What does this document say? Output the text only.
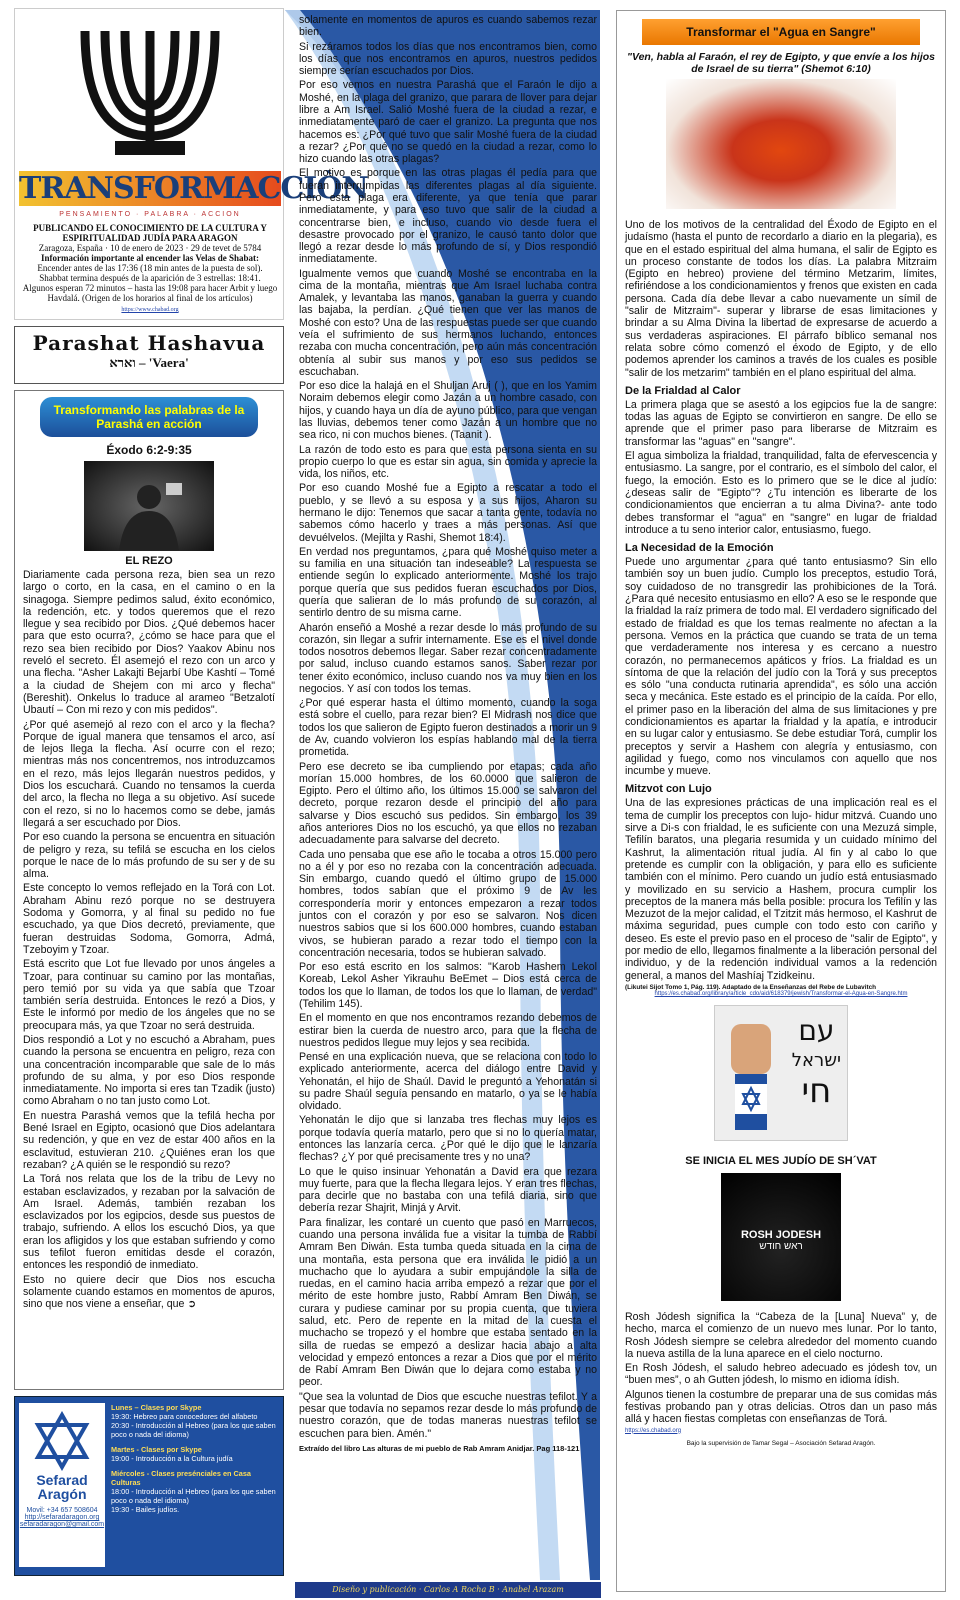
TRANSFORMACCIÒN
PENSAMIENTO · PALABRA · ACCION
PUBLICANDO EL CONOCIMIENTO DE LA CULTURA Y ESPIRITUALIDAD JUDÍA PARA ARAGON
Zaragoza, España · 10 de enero de 2023 · 29 de tevet de 5784

Información importante al encender las Velas de Shabat:
Encender antes de las 17:36 (18 min antes de la puesta de sol).
Shabbat termina después de la aparición de 3 estrellas: 18:41.
Algunos esperan 72 minutos – hasta las 19:08 para hacer Arbit y luego Havdalá. (Origen de los horarios al final de los artículos)
https://www.chabad.org
Parashat Hashavua
וארא – 'Vaera'
Transformando las palabras de la Parashá en acción
Éxodo 6:2-9:35
EL REZO

Diariamente cada persona reza, bien sea un rezo largo o corto, en la casa, en el camino o en la sinagoga. Siempre pedimos salud, éxito económico, la redención, etc. y todos queremos que el rezo llegue y sea recibido por Dios. ¿Qué debemos hacer para que esto ocurra?, ¿cómo se hace para que el rezo sea bien recibido por Dios? Yaakov Abinu nos reveló el secreto. Él asemejó el rezo con un arco y una flecha. "Asher Lakajti Bejarbí Ube Kashtí – Tomé a la ciudad de Shejem con mi arco y flecha" (Bereshit). Onkelus lo traduce al arameo "Betzalotí Ubautí – Con mi rezo y con mis pedidos".

¿Por qué asemejó al rezo con el arco y la flecha? Porque de igual manera que tensamos el arco, así de lejos llega la flecha. Así ocurre con el rezo; mientras más nos concentremos, nos introduzcamos en el rezo, más lejos llegarán nuestros pedidos, y Dios los escuchará. Cuando no tensamos la cuerda del arco, la flecha no llega a su objetivo. Así sucede con el rezo, si no lo hacemos como se debe, jamás llegará a ser escuchado por Dios.

Por eso cuando la persona se encuentra en situación de peligro y reza, su tefilá se escucha en los cielos porque le nace de lo más profundo de su ser y de su alma.

Este concepto lo vemos reflejado en la Torá con Lot. Abraham Abinu rezó porque no se destruyera Sodoma y Gomorra, y al final su pedido no fue escuchado, ya que Dios decretó, previamente, que fueran destruidas Sodoma, Gomorra, Admá, Tzeboyim y Tzoar.

Está escrito que Lot fue llevado por unos ángeles a Tzoar, para continuar su camino por las montañas, pero temió por su vida ya que sabía que Tzoar también sería destruida. Entonces le rezó a Dios, y Este le informó por medio de los ángeles que no se preocupara más, ya que Tzoar no será destruida.

Dios respondió a Lot y no escuchó a Abraham, pues cuando la persona se encuentra en peligro, reza con una concentración incomparable que sale de lo más profundo de su alma, y por eso Dios responde inmediatamente. No importa si eres tan Tzadik (justo) como Abraham o no tan justo como Lot.

En nuestra Parashá vemos que la tefilá hecha por Bené Israel en Egipto, ocasionó que Dios adelantara su redención, y que en vez de estar 400 años en la esclavitud, estuvieran 210. ¿Quiénes eran los que rezaban? ¿A quién se le respondió su rezo?

La Torá nos relata que los de la tribu de Levy no estaban esclavizados, y rezaban por la salvación de Am Israel. Además, también rezaban los esclavizados por los egipcios, desde sus puestos de trabajo, sufriendo. A ellos los escuchó Dios, ya que eran los afligidos y los que estaban sufriendo y como sus tefilot fueron emitidas desde el corazón, entonces les respondió de inmediato.

Esto no quiere decir que Dios nos escucha solamente cuando estamos en momentos de apuros, sino que nos viene a enseñar, que ➲

Sefarad Aragón
Movil: +34 657 508604
http://sefaradaragon.org
sefaradaragon@gmail.com
Lunes – Clases por Skype
19:30: Hebreo para conocedores del alfabeto
20:30 - Introducción al Hebreo (para los que saben poco o nada del idioma)
Martes - Clases por Skype
19:00 - Introducción a la Cultura judía
Miércoles - Clases presénciales en Casa Culturas
18:00 - Introducción al Hebreo (para los que saben poco o nada del idioma)
19:30 - Bailes judíos.

solamente en momentos de apuros es cuando sabemos rezar bien.

Si rezáramos todos los días que nos encontramos bien, como los días que nos encontramos en apuros, nuestros pedidos siempre serían escuchados por Dios.

Por eso vemos en nuestra Parashá que el Faraón le dijo a Moshé, en la plaga del granizo, que parara de llover para dejar libre a Am Israel. Salió Moshé fuera de la ciudad a rezar, e inmediatamente paró de caer el granizo. La pregunta que nos hacemos es: ¿Por qué tuvo que salir Moshé fuera de la ciudad a rezar? ¿Por qué no se quedó en la ciudad a rezar, como lo hizo cuando las otras plagas?

El motivo es porque en las otras plagas él pedía para que fueran interrumpidas las diferentes plagas al día siguiente. Pero esta plaga era diferente, ya que tenía que parar inmediatamente, y para eso tuvo que salir de la ciudad a concentrarse bien, e incluso, cuando vio desde fuera el desastre provocado por el granizo, le causó tanto dolor que llegó a rezar desde lo más profundo de sí, y Dios respondió inmediatamente.

Igualmente vemos que cuando Moshé se encontraba en la cima de la montaña, mientras que Am Israel luchaba contra Amalek, y levantaba las manos, ganaban la guerra y cuando las bajaba, la perdían. ¿Qué tienen que ver las manos de Moshé con esto? Una de las respuestas puede ser que cuando veía el sufrimiento de sus hermanos luchando, entonces rezaba con mucha concentración, pero aún más concentración obtenía al subir sus manos y por eso sus pedidos se escuchaban.

Por eso dice la halajá en el Shuljan Aruj ( ), que en los Yamim Noraim debemos elegir como Jazán a un hombre casado, con hijos, y cuando haya un día de ayuno público, para que vengan las lluvias, debemos tener como Jazán a un hombre que no sea rico, ni con muchos bienes. (Taanit ).

La razón de todo esto es para que esta persona sienta en su propio cuerpo lo que es estar sin agua, sin comida y aprecie la vida, los niños, etc.

Por eso cuando Moshé fue a Egipto a rescatar a todo el pueblo, y se llevó a su esposa y a sus hijos, Aharon su hermano le dijo: Tenemos que sacar a tanta gente, todavía no sabemos cómo hacerlo y traes a más personas. Así que devuélvelos. (Mejilta y Rashi, Shemot 18:4).

En verdad nos preguntamos, ¿para qué Moshé quiso meter a su familia en una situación tan indeseable? La respuesta se entiende según lo explicado anteriormente. Moshé los trajo porque quería que sus pedidos fueran escuchados por Dios, quería que salieran de lo más profundo de su corazón, al sentirlo dentro de su misma carne.

Aharón enseñó a Moshé a rezar desde lo más profundo de su corazón, sin llegar a sufrir internamente. Ese es el nivel donde todos nosotros debemos llegar. Saber rezar concentradamente por salud, incluso cuando estamos sanos. Saber rezar por tener éxito económico, incluso cuando nos va muy bien en los negocios. Y así con todos los temas.

¿Por qué esperar hasta el último momento, cuando la soga está sobre el cuello, para rezar bien? El Midrash nos dice que todos los que salieron de Egipto fueron destinados a morir un 9 de Av, cuando volvieron los espías hablando mal de la tierra prometida.

Pero ese decreto se iba cumpliendo por etapas; cada año morían 15.000 hombres, de los 60.0000 que salieron de Egipto. Pero el último año, los últimos 15.000 se salvaron del decreto, porque rezaron desde el principio del año para salvarse y Dios escuchó sus pedidos. Sin embargo, los 39 años anteriores Dios no los escuchó, ya que ellos no rezaban adecuadamente para salvarse del decreto.

Cada uno pensaba que ese año le tocaba a otros 15.000 pero no a él y por eso no rezaba con la concentración adecuada. Sin embargo, cuando quedó el último grupo de 15.000 hombres, todos sabían que el próximo 9 de Av les correspondería morir y entonces empezaron a rezar todos juntos con el corazón y por eso se salvaron. Nos dicen nuestros sabios que si los 600.000 hombres, cuando estaban vivos, se hubieran parado a rezar todo el tiempo con la concentración necesaria, todos se hubieran salvado.

Por eso está escrito en los salmos: "Karob Hashem Lekol Koreab, Lekol Asher Yikrauhu BeEmet – Dios está cerca de todos los que lo llaman, de todos los que lo llaman, de verdad" (Tehilim 145).

En el momento en que nos encontramos rezando debemos de estirar bien la cuerda de nuestro arco, para que la flecha de nuestros pedidos llegue muy lejos y sea recibida.

Pensé en una explicación nueva, que se relaciona con todo lo explicado anteriormente, acerca del diálogo entre David y Yehonatán, el hijo de Shaúl. David le preguntó a Yehonatán si su padre Shaúl seguía pensando en matarlo, o ya se le había olvidado.

Yehonatán le dijo que si lanzaba tres flechas muy lejos es porque todavía quería matarlo, pero que si no lo quería matar, entonces las lanzaría cerca. ¿Por qué le dijo que le lanzaría flechas? ¿Y por qué precisamente tres y no una?

Lo que le quiso insinuar Yehonatán a David era que rezara muy fuerte, para que la flecha llegara lejos. Y eran tres flechas, para decirle que no bastaba con una tefilá diaria, sino que debería rezar Shajrit, Minjá y Arvit.

Para finalizar, les contaré un cuento que pasó en Marruecos, cuando una persona inválida fue a visitar la tumba de Rabbí Amram Ben Diwán. Esta tumba queda situada en la cima de una montaña, esta persona que era inválida le pidió a un muchacho que lo ayudara a subir empujándole la silla de ruedas, en el camino hacia arriba empezó a rezar que por el mérito de este hombre justo, Rabbí Amram Ben Diwán, se curara y pudiese caminar por su propia cuenta, que tuviera salud, etc. Pero de repente en la mitad de la cuesta el muchacho se tropezó y el hombre que estaba sentado en la silla de ruedas se empezó a deslizar hacia abajo a alta velocidad y empezó entonces a rezar a Dios que por el mérito de Rabí Amram Ben Diwán que lo dejara como estaba y no peor.

"Que sea la voluntad de Dios que escuche nuestras tefilot. Y a pesar que todavía no sepamos rezar desde lo más profundo de nuestro corazón, que de todas maneras nuestras tefilot se escuchen para bien. Amén."

Extraído del libro Las alturas de mi pueblo de Rab Amram Anidjar. Pag 118-121
Diseño y publicación · Carlos A Rocha B · Anabel Arazam
Transformar el "Agua en Sangre"
"Ven, habla al Faraón, el rey de Egipto, y que envíe a los hijos de Israel de su tierra" (Shemot 6:10)

Uno de los motivos de la centralidad del Éxodo de Egipto en el judaísmo (hasta el punto de recordarlo a diario en la plegaria), es que en el estado espiritual del alma humana, el salir de Egipto es un proceso constante de todos los días. La palabra Mitzraim (Egipto en hebreo) proviene del término Metzarim, límites, refiriéndose a los condicionamientos y frenos que existen en cada persona. Cada día debe llevar a cabo nuevamente un símil de "salir de Mitzraim"- superar y librarse de esas limitaciones y brindar a su Alma Divina la libertad de expresarse de acuerdo a sus verdaderas aspiraciones. El párrafo bíblico semanal nos relata sobre cómo comenzó el éxodo de Egipto, y de ello podemos aprender los caminos a través de los cuales es posible "salir de los metzarim" también en el plano espiritual del alma.

De la Frialdad al Calor

La primera plaga que se asestó a los egipcios fue la de sangre: todas las aguas de Egipto se convirtieron en sangre. De ello se aprende que el primer paso para liberarse de Mitzraim es transformar las "aguas" en "sangre".

El agua simboliza la frialdad, tranquilidad, falta de efervescencia y entusiasmo. La sangre, por el contrario, es el símbolo del calor, el fuego, la emoción. Esto es lo primero que se le dice al judío: ¿deseas salir de "Egipto"? ¿Tu intención es liberarte de los condicionamientos que encierran a tu alma Divina?- ante todo debes transformar el "agua" en "sangre" en lugar de frialdad introduce a tu seno interior calor, entusiasmo, fuego.

La Necesidad de la Emoción

Puede uno argumentar ¿para qué tanto entusiasmo? Sin ello también soy un buen judío. Cumplo los preceptos, estudio Torá, soy cuidadoso de no transgredir las prohibiciones de la Torá. ¿Para qué necesito entusiasmo en ello? A eso se le responde que la frialdad la raíz primera de todo mal. El verdadero significado del estado de frialdad es que los temas realmente no afectan a la persona. Vemos en la práctica que cuando se trata de un tema que verdaderamente nos interesa y es cercano a nuestro corazón, no permanecemos apáticos y fríos. La frialdad es un síntoma de que la relación del judío con la Torá y sus preceptos es sólo "una conducta rutinaria aprendida", es sólo una acción seca y mecánica. Este estado es el principio de la caída. Por ello, el primer paso en la liberación del alma de sus limitaciones y pre condicionamientos es apartar la frialdad y la apatía, e introducir en su lugar calor y entusiasmo. Se debe estudiar Torá, cumplir los preceptos y servir a Hashem con alegría y entusiasmo, con agilidad y fuego, como nos vinculamos con aquello que nos incumbe y mueve.

Mitzvot con Lujo

Una de las expresiones prácticas de una implicación real es el tema de cumplir los preceptos con lujo- hidur mitzvá. Cuando uno sirve a Di-s con frialdad, le es suficiente con una Mezuzá simple, Tefilín baratos, una plegaria resumida y un cuidado mínimo del Kashrut, la alimentación ritual judía. Al fin y al cabo lo que pretende es cumplir con la obligación, y para ello es suficiente también con el mínimo. Pero cuando un judío está entusiasmado y movilizado en su servicio a Hashem, procura cumplir los preceptos de la manera más bella posible: procura los Tefilín y las Mezuzot de la mejor calidad, el Tzitzit más hermoso, el Kashrut de máxima seguridad, pues cumple con todo esto con cariño y deseo. Es este el previo paso en el proceso de "salir de Egipto", y por medio de ello, llegamos finalmente a la liberación personal del individuo, y de la redención individual vamos a la redención general, a manos del Mashíaj Tzidkeinu.

(Likutei Sijot Tomo 1, Pág. 119). Adaptado de la Enseñanzas del Rebe de Lubavitch
https://es.chabad.org/library/article_cdo/aid/618379/jewish/Transformar-el-Agua-en-Sangre.htm
עם
ישראל
חי
SE INICIA EL MES JUDÍO DE SH´VAT
ROSH JODESH
ראש חודש

Rosh Jódesh significa la “Cabeza de la [Luna] Nueva” y, de hecho, marca el comienzo de un nuevo mes lunar. Por lo tanto, Rosh Jódesh siempre se celebra alrededor del momento cuando la nueva astilla de la luna aparece en el cielo nocturno.

En Rosh Jódesh, el saludo hebreo adecuado es jódesh tov, un “buen mes”, o ah Gutten jódesh, lo mismo en idioma ídish.

Algunos tienen la costumbre de preparar una de sus comidas más festivas probando pan y otras delicias. Otros dan un paso más allá y hacen fiestas completas con enseñanzas de Torá.

https://es.chabad.org
Bajo la supervisión de Tamar Segal – Asociación Sefarad Aragón.
